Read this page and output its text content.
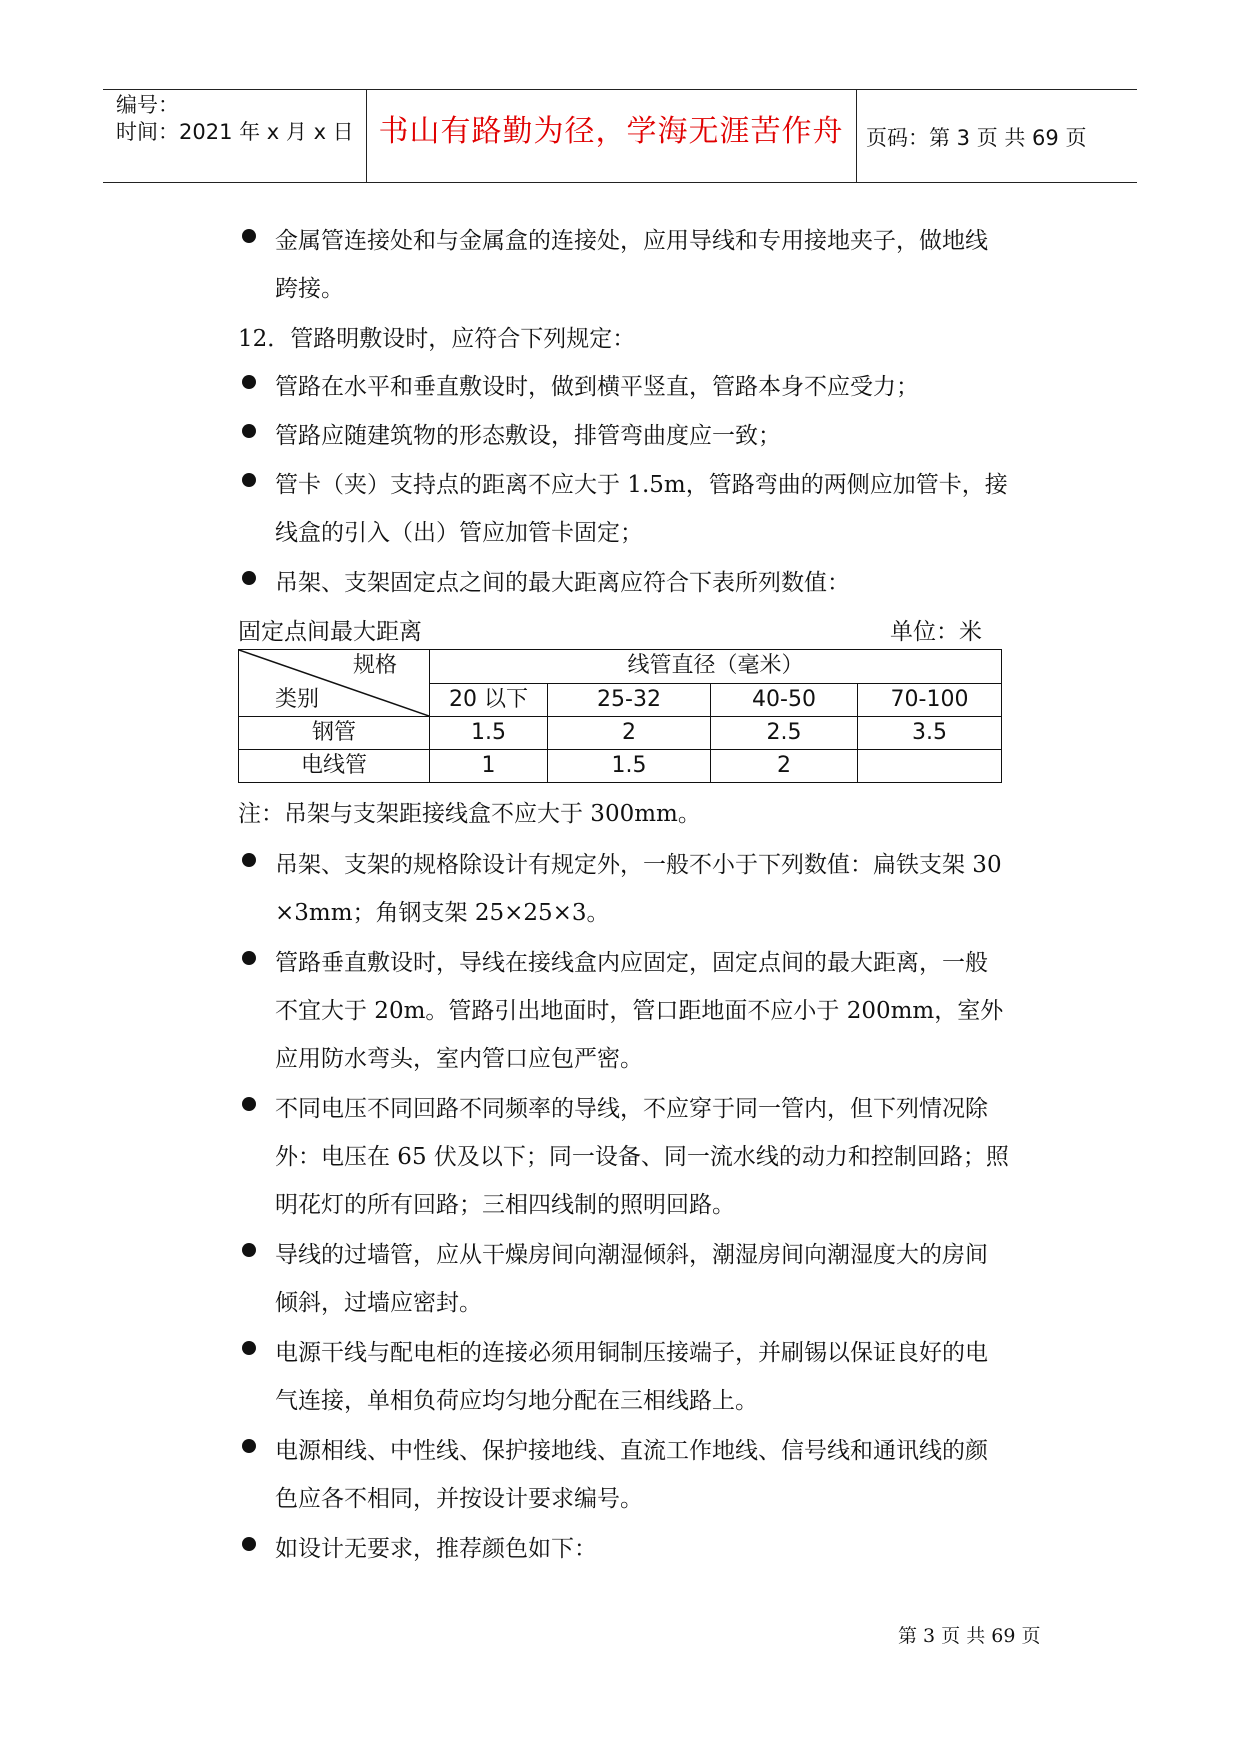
编号：
时间：2021 年 x 月 x 日 书山有路勤为径，学海无涯苦作舟	页码：第 3 页 共 69 页
金属管连接处和与金属盒的连接处，应用导线和专用接地夹子，做地线
跨接。
12．管路明敷设时，应符合下列规定：
管路在水平和垂直敷设时，做到横平竖直，管路本身不应受力；
管路应随建筑物的形态敷设，排管弯曲度应一致；
管卡（夹）支持点的距离不应大于 1.5m，管路弯曲的两侧应加管卡，接
线盒的引入（出）管应加管卡固定；
吊架、支架固定点之间的最大距离应符合下表所列数值：
固定点间最大距离	单位：米
规格
类别	线管直径（毫米）			
	20 以下	25-32	40-50	70-100
钢管	1.5	2	2.5	3.5
电线管	1	1.5	2	
注：吊架与支架距接线盒不应大于 300mm。
吊架、支架的规格除设计有规定外，一般不小于下列数值：扁铁支架 30
×3mm；角钢支架 25×25×3。
管路垂直敷设时，导线在接线盒内应固定，固定点间的最大距离，一般
不宜大于 20m。管路引出地面时，管口距地面不应小于 200mm，室外
应用防水弯头，室内管口应包严密。
不同电压不同回路不同频率的导线，不应穿于同一管内，但下列情况除
外：电压在 65 伏及以下；同一设备、同一流水线的动力和控制回路；照
明花灯的所有回路；三相四线制的照明回路。
导线的过墙管，应从干燥房间向潮湿倾斜，潮湿房间向潮湿度大的房间
倾斜，过墙应密封。
电源干线与配电柜的连接必须用铜制压接端子，并刷锡以保证良好的电
气连接，单相负荷应均匀地分配在三相线路上。
电源相线、中性线、保护接地线、直流工作地线、信号线和通讯线的颜
色应各不相同，并按设计要求编号。
如设计无要求，推荐颜色如下：
第 3 页 共 69 页
